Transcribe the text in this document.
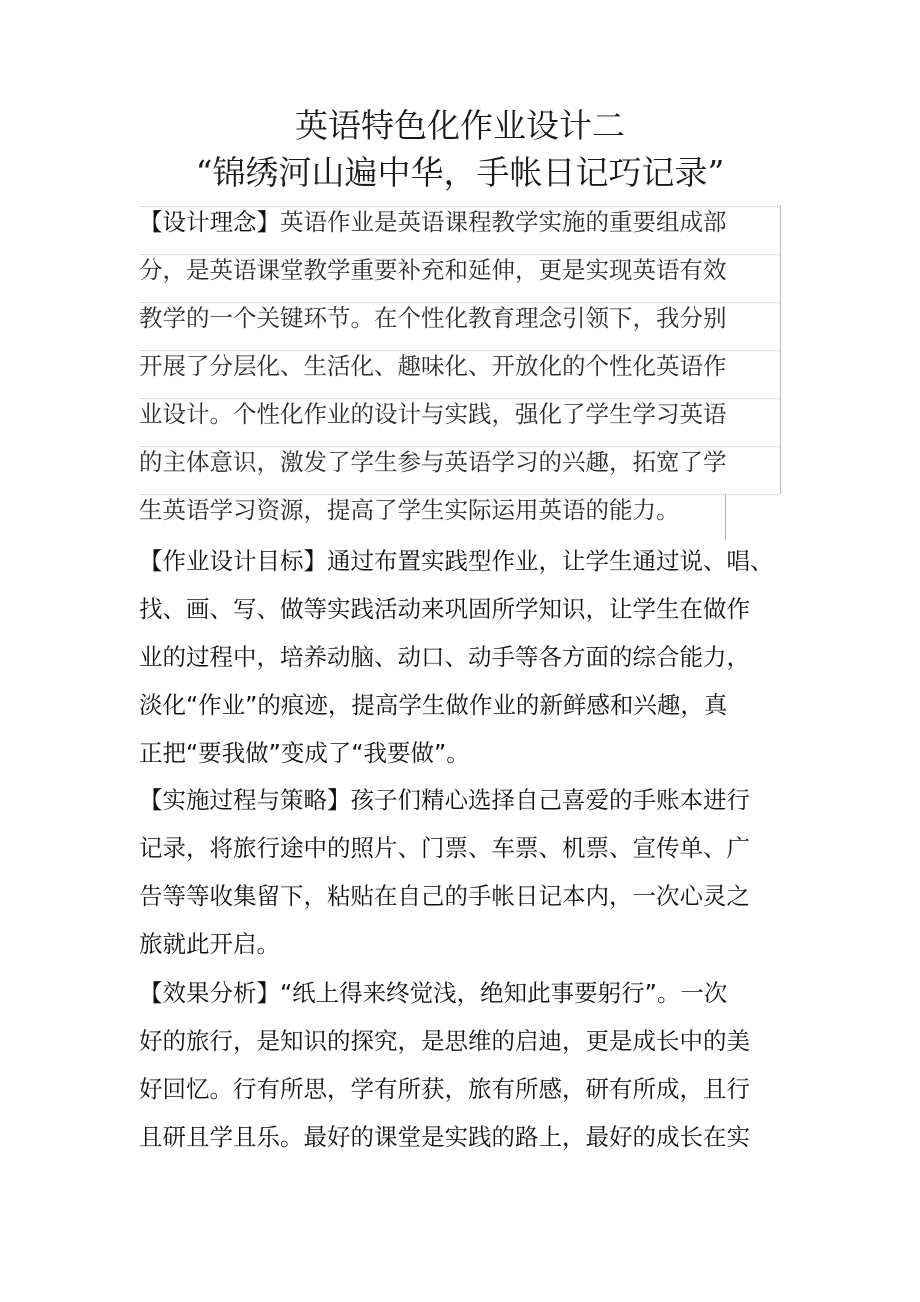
英语特色化作业设计二
“锦绣河山遍中华，手帐日记巧记录”
【设计理念】英语作业是英语课程教学实施的重要组成部
分，是英语课堂教学重要补充和延伸，更是实现英语有效
教学的一个关键环节。在个性化教育理念引领下，我分别
开展了分层化、生活化、趣味化、开放化的个性化英语作
业设计。个性化作业的设计与实践，强化了学生学习英语
的主体意识，激发了学生参与英语学习的兴趣，拓宽了学
生英语学习资源，提高了学生实际运用英语的能力。
【作业设计目标】通过布置实践型作业，让学生通过说、唱、
找、画、写、做等实践活动来巩固所学知识，让学生在做作
业的过程中，培养动脑、动口、动手等各方面的综合能力，
淡化“作业”的痕迹，提高学生做作业的新鲜感和兴趣，真
正把“要我做”变成了“我要做”。
【实施过程与策略】孩子们精心选择自己喜爱的手账本进行
记录，将旅行途中的照片、门票、车票、机票、宣传单、广
告等等收集留下，粘贴在自己的手帐日记本内，一次心灵之
旅就此开启。
【效果分析】“纸上得来终觉浅，绝知此事要躬行”。一次
好的旅行，是知识的探究，是思维的启迪，更是成长中的美
好回忆。行有所思，学有所获，旅有所感，研有所成，且行
且研且学且乐。最好的课堂是实践的路上，最好的成长在实
